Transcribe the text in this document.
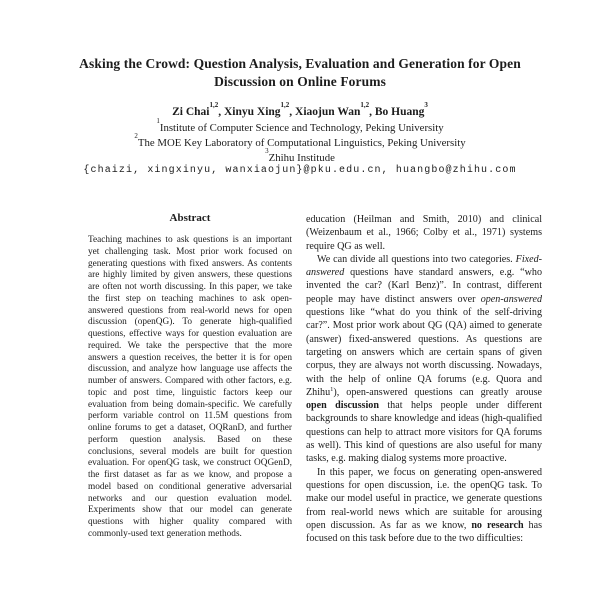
Asking the Crowd: Question Analysis, Evaluation and Generation for Open Discussion on Online Forums
Zi Chai$^{1,2}$, Xinyu Xing$^{1,2}$, Xiaojun Wan$^{1,2}$, Bo Huang$^3$
$^1$Institute of Computer Science and Technology, Peking University
$^2$The MOE Key Laboratory of Computational Linguistics, Peking University
$^3$Zhihu Institude
{chaizi, xingxinyu, wanxiaojun}@pku.edu.cn, huangbo@zhihu.com
Abstract
Teaching machines to ask questions is an important yet challenging task. Most prior work focused on generating questions with fixed answers. As contents are highly limited by given answers, these questions are often not worth discussing. In this paper, we take the first step on teaching machines to ask open-answered questions from real-world news for open discussion (openQG). To generate high-qualified questions, effective ways for question evaluation are required. We take the perspective that the more answers a question receives, the better it is for open discussion, and analyze how language use affects the number of answers. Compared with other factors, e.g. topic and post time, linguistic factors keep our evaluation from being domain-specific. We carefully perform variable control on 11.5M questions from online forums to get a dataset, OQRanD, and further perform question analysis. Based on these conclusions, several models are built for question evaluation. For openQG task, we construct OQGenD, the first dataset as far as we know, and propose a model based on conditional generative adversarial networks and our question evaluation model. Experiments show that our model can generate questions with higher quality compared with commonly-used text generation methods.

education (Heilman and Smith, 2010) and clinical (Weizenbaum et al., 1966; Colby et al., 1971) systems require QG as well.

We can divide all questions into two categories. Fixed-answered questions have standard answers, e.g. “who invented the car? (Karl Benz)”. In contrast, different people may have distinct answers over open-answered questions like “what do you think of the self-driving car?”. Most prior work about QG (QA) aimed to generate (answer) fixed-answered questions. As questions are targeting on answers which are certain spans of given corpus, they are always not worth discussing. Nowadays, with the help of online QA forums (e.g. Quora and Zhihu$^1$), open-answered questions can greatly arouse open discussion that helps people under different backgrounds to share knowledge and ideas (high-qualified questions can help to attract more visitors for QA forums as well). This kind of questions are also useful for many tasks, e.g. making dialog systems more proactive.

In this paper, we focus on generating open-answered questions for open discussion, i.e. the openQG task. To make our model useful in practice, we generate questions from real-world news which are suitable for arousing open discussion. As far as we know, no research has focused on this task before due to the two difficulties:
